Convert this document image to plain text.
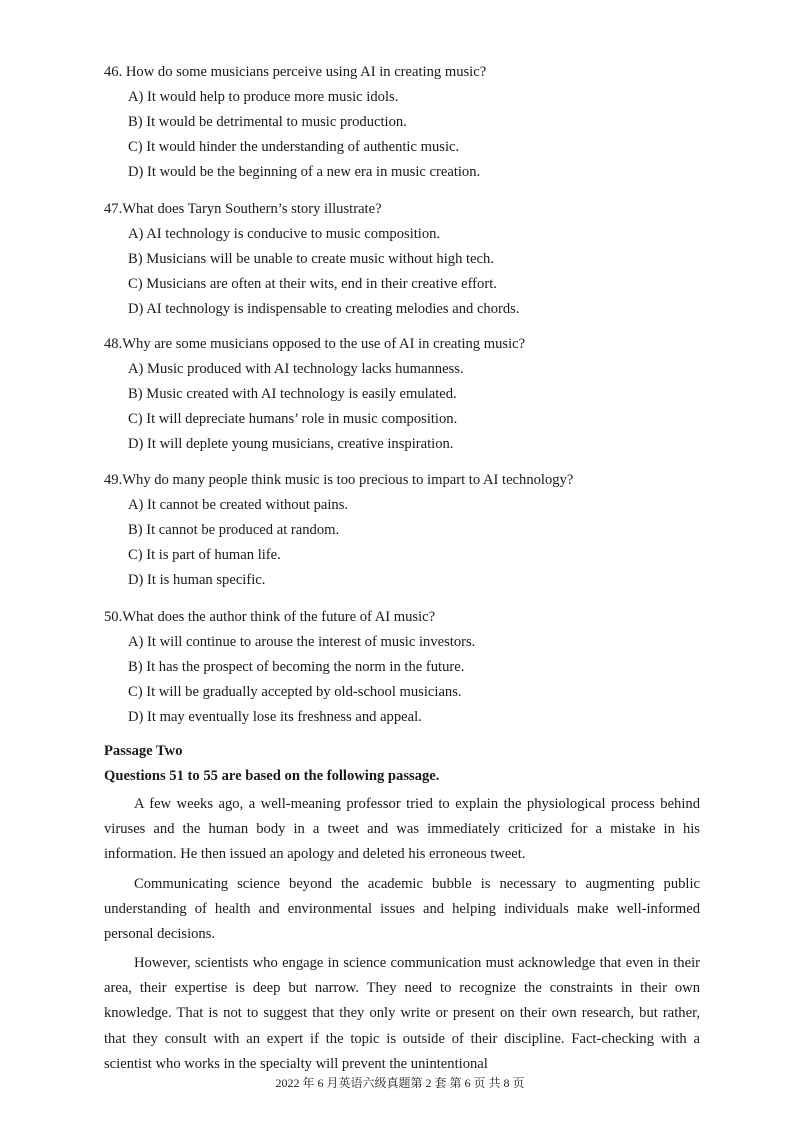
46. How do some musicians perceive using AI in creating music?
A) It would help to produce more music idols.
B) It would be detrimental to music production.
C) It would hinder the understanding of authentic music.
D) It would be the beginning of a new era in music creation.
47.What does Taryn Southern’s story illustrate?
A) AI technology is conducive to music composition.
B) Musicians will be unable to create music without high tech.
C) Musicians are often at their wits, end in their creative effort.
D) AI technology is indispensable to creating melodies and chords.
48.Why are some musicians opposed to the use of AI in creating music?
A) Music produced with AI technology lacks humanness.
B) Music created with AI technology is easily emulated.
C) It will depreciate humans’ role in music composition.
D) It will deplete young musicians, creative inspiration.
49.Why do many people think music is too precious to impart to AI technology?
A) It cannot be created without pains.
B) It cannot be produced at random.
C) It is part of human life.
D) It is human specific.
50.What does the author think of the future of AI music?
A) It will continue to arouse the interest of music investors.
B) It has the prospect of becoming the norm in the future.
C) It will be gradually accepted by old-school musicians.
D) It may eventually lose its freshness and appeal.
Passage Two
Questions 51 to 55 are based on the following passage.

A few weeks ago, a well-meaning professor tried to explain the physiological process behind viruses and the human body in a tweet and was immediately criticized for a mistake in his information. He then issued an apology and deleted his erroneous tweet.

Communicating science beyond the academic bubble is necessary to augmenting public understanding of health and environmental issues and helping individuals make well-informed personal decisions.

However, scientists who engage in science communication must acknowledge that even in their area, their expertise is deep but narrow. They need to recognize the constraints in their own knowledge. That is not to suggest that they only write or present on their own research, but rather, that they consult with an expert if the topic is outside of their discipline. Fact-checking with a scientist who works in the specialty will prevent the unintentional

2022 年 6 月英语六级真题第 2 套 第 6 页 共 8 页
